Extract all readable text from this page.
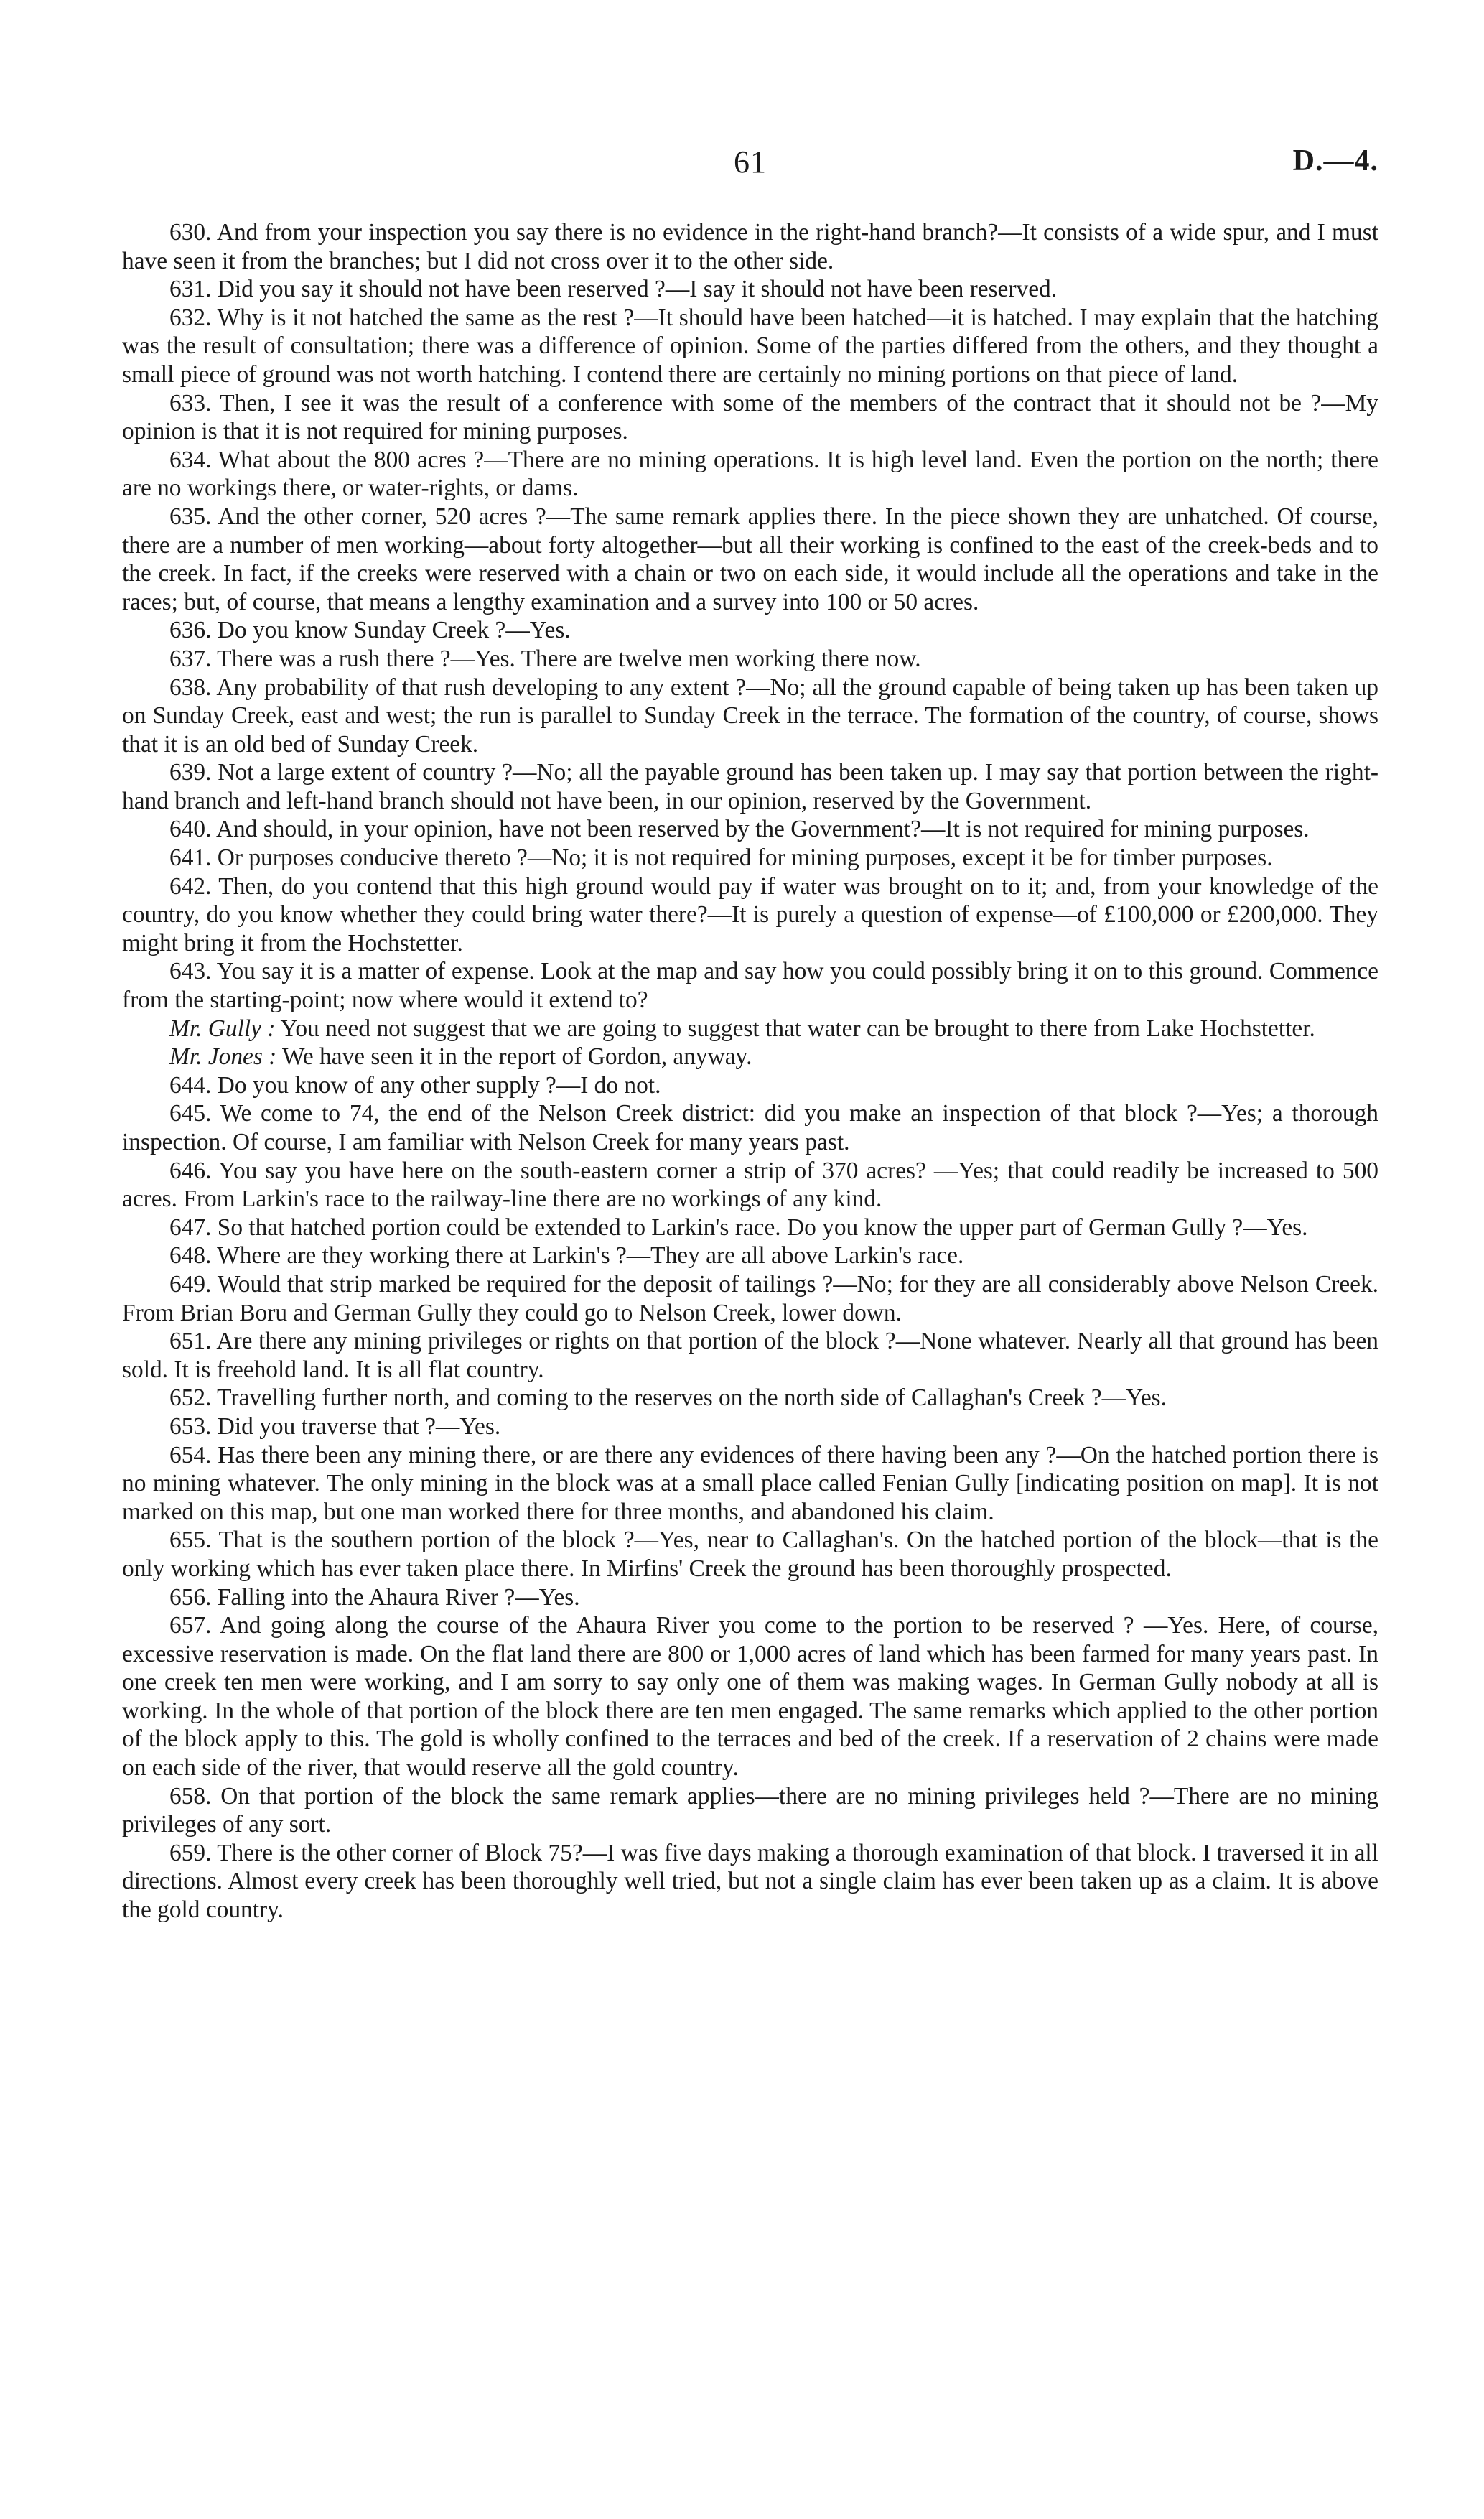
61	D.—4.

630. And from your inspection you say there is no evidence in the right-hand branch?—It consists of a wide spur, and I must have seen it from the branches; but I did not cross over it to the other side.

631. Did you say it should not have been reserved ?—I say it should not have been reserved.

632. Why is it not hatched the same as the rest ?—It should have been hatched—it is hatched. I may explain that the hatching was the result of consultation; there was a difference of opinion. Some of the parties differed from the others, and they thought a small piece of ground was not worth hatching. I contend there are certainly no mining portions on that piece of land.

633. Then, I see it was the result of a conference with some of the members of the contract that it should not be ?—My opinion is that it is not required for mining purposes.

634. What about the 800 acres ?—There are no mining operations. It is high level land. Even the portion on the north; there are no workings there, or water-rights, or dams.

635. And the other corner, 520 acres ?—The same remark applies there. In the piece shown they are unhatched. Of course, there are a number of men working—about forty altogether—but all their working is confined to the east of the creek-beds and to the creek. In fact, if the creeks were reserved with a chain or two on each side, it would include all the operations and take in the races; but, of course, that means a lengthy examination and a survey into 100 or 50 acres.

636. Do you know Sunday Creek ?—Yes.

637. There was a rush there ?—Yes. There are twelve men working there now.

638. Any probability of that rush developing to any extent ?—No; all the ground capable of being taken up has been taken up on Sunday Creek, east and west; the run is parallel to Sunday Creek in the terrace. The formation of the country, of course, shows that it is an old bed of Sunday Creek.

639. Not a large extent of country ?—No; all the payable ground has been taken up. I may say that portion between the right-hand branch and left-hand branch should not have been, in our opinion, reserved by the Government.

640. And should, in your opinion, have not been reserved by the Government?—It is not required for mining purposes.

641. Or purposes conducive thereto ?—No; it is not required for mining purposes, except it be for timber purposes.

642. Then, do you contend that this high ground would pay if water was brought on to it; and, from your knowledge of the country, do you know whether they could bring water there?—It is purely a question of expense—of £100,000 or £200,000. They might bring it from the Hochstetter.

643. You say it is a matter of expense. Look at the map and say how you could possibly bring it on to this ground. Commence from the starting-point; now where would it extend to?

Mr. Gully : You need not suggest that we are going to suggest that water can be brought to there from Lake Hochstetter.

Mr. Jones : We have seen it in the report of Gordon, anyway.

644. Do you know of any other supply ?—I do not.

645. We come to 74, the end of the Nelson Creek district: did you make an inspection of that block ?—Yes; a thorough inspection. Of course, I am familiar with Nelson Creek for many years past.

646. You say you have here on the south-eastern corner a strip of 370 acres? —Yes; that could readily be increased to 500 acres. From Larkin's race to the railway-line there are no workings of any kind.

647. So that hatched portion could be extended to Larkin's race. Do you know the upper part of German Gully ?—Yes.

648. Where are they working there at Larkin's ?—They are all above Larkin's race.

649. Would that strip marked be required for the deposit of tailings ?—No; for they are all considerably above Nelson Creek. From Brian Boru and German Gully they could go to Nelson Creek, lower down.

651. Are there any mining privileges or rights on that portion of the block ?—None whatever. Nearly all that ground has been sold. It is freehold land. It is all flat country.

652. Travelling further north, and coming to the reserves on the north side of Callaghan's Creek ?—Yes.

653. Did you traverse that ?—Yes.

654. Has there been any mining there, or are there any evidences of there having been any ?—On the hatched portion there is no mining whatever. The only mining in the block was at a small place called Fenian Gully [indicating position on map]. It is not marked on this map, but one man worked there for three months, and abandoned his claim.

655. That is the southern portion of the block ?—Yes, near to Callaghan's. On the hatched portion of the block—that is the only working which has ever taken place there. In Mirfins' Creek the ground has been thoroughly prospected.

656. Falling into the Ahaura River ?—Yes.

657. And going along the course of the Ahaura River you come to the portion to be reserved ? —Yes. Here, of course, excessive reservation is made. On the flat land there are 800 or 1,000 acres of land which has been farmed for many years past. In one creek ten men were working, and I am sorry to say only one of them was making wages. In German Gully nobody at all is working. In the whole of that portion of the block there are ten men engaged. The same remarks which applied to the other portion of the block apply to this. The gold is wholly confined to the terraces and bed of the creek. If a reservation of 2 chains were made on each side of the river, that would reserve all the gold country.

658. On that portion of the block the same remark applies—there are no mining privileges held ?—There are no mining privileges of any sort.

659. There is the other corner of Block 75?—I was five days making a thorough examination of that block. I traversed it in all directions. Almost every creek has been thoroughly well tried, but not a single claim has ever been taken up as a claim. It is above the gold country.
